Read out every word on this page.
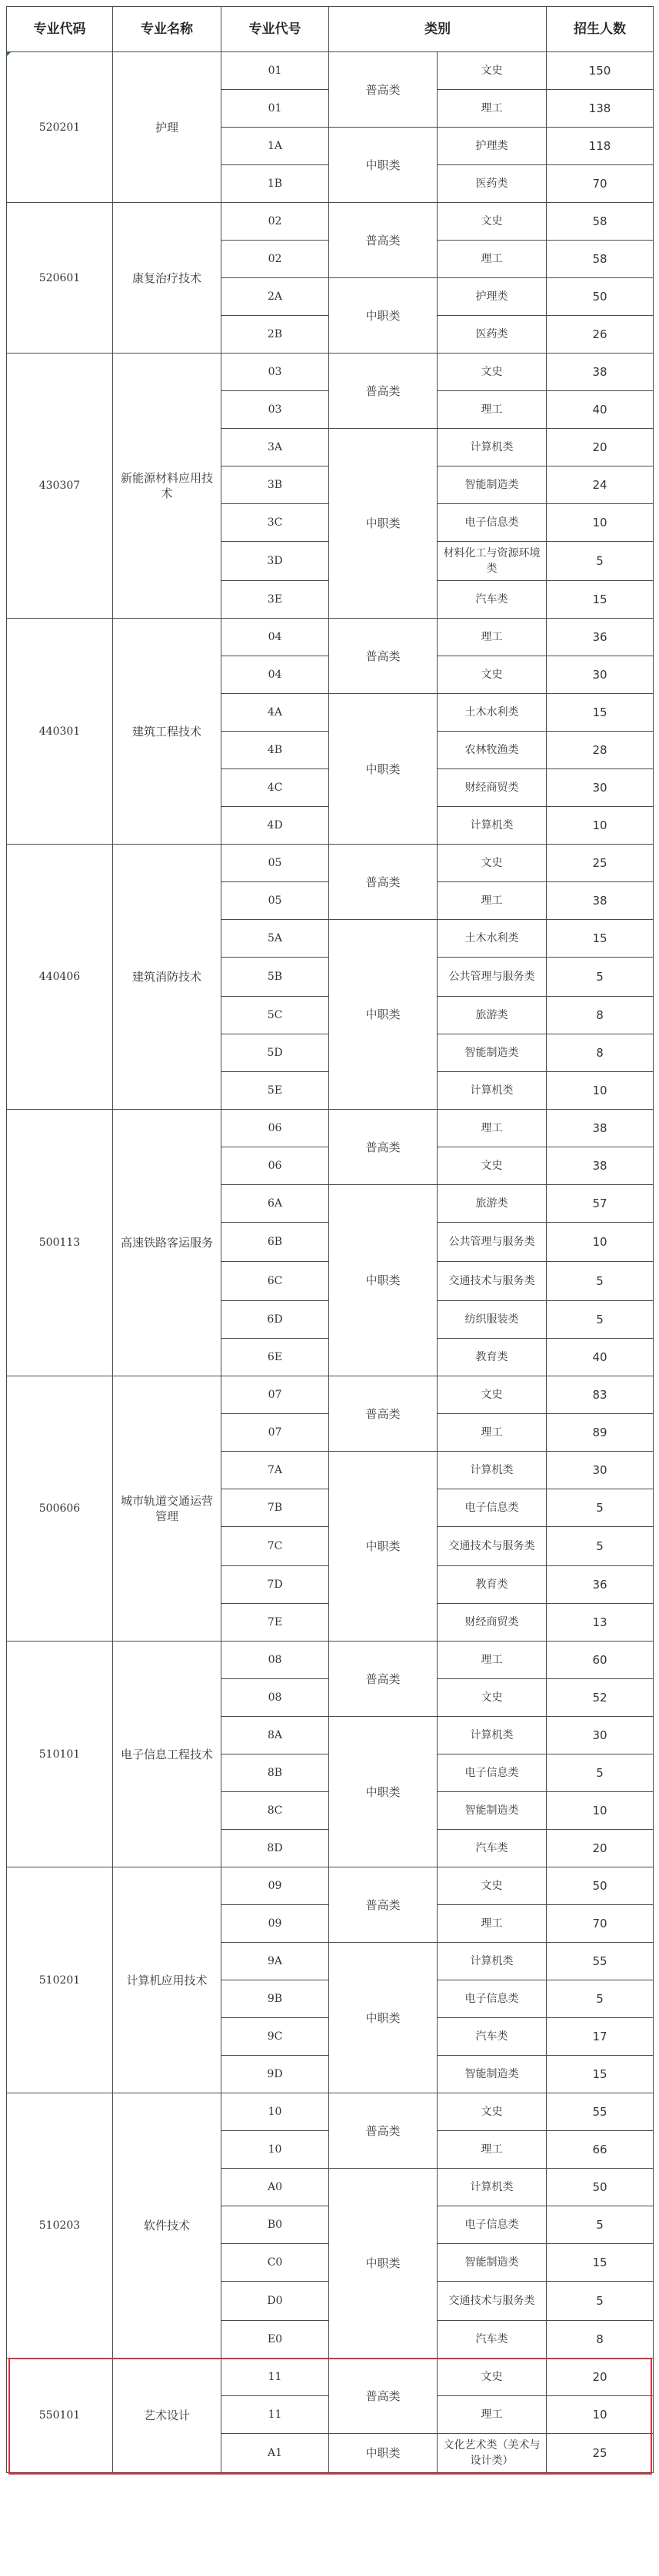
专业代码	专业名称	专业代号	类别		招生人数
520201	护理	01	普高类	文史	150
		01		理工	138
		1A	中职类	护理类	118
		1B		医药类	70
520601	康复治疗技术	02	普高类	文史	58
		02		理工	58
		2A	中职类	护理类	50
		2B		医药类	26
430307	新能源材料应用技术	03	普高类	文史	38
		03		理工	40
		3A	中职类	计算机类	20
		3B		智能制造类	24
		3C		电子信息类	10
		3D		材料化工与资源环境类	5
		3E		汽车类	15
440301	建筑工程技术	04	普高类	理工	36
		04		文史	30
		4A	中职类	土木水利类	15
		4B		农林牧渔类	28
		4C		财经商贸类	30
		4D		计算机类	10
440406	建筑消防技术	05	普高类	文史	25
		05		理工	38
		5A	中职类	土木水利类	15
		5B		公共管理与服务类	5
		5C		旅游类	8
		5D		智能制造类	8
		5E		计算机类	10
500113	高速铁路客运服务	06	普高类	理工	38
		06		文史	38
		6A	中职类	旅游类	57
		6B		公共管理与服务类	10
		6C		交通技术与服务类	5
		6D		纺织服装类	5
		6E		教育类	40
500606	城市轨道交通运营管理	07	普高类	文史	83
		07		理工	89
		7A	中职类	计算机类	30
		7B		电子信息类	5
		7C		交通技术与服务类	5
		7D		教育类	36
		7E		财经商贸类	13
510101	电子信息工程技术	08	普高类	理工	60
		08		文史	52
		8A	中职类	计算机类	30
		8B		电子信息类	5
		8C		智能制造类	10
		8D		汽车类	20
510201	计算机应用技术	09	普高类	文史	50
		09		理工	70
		9A	中职类	计算机类	55
		9B		电子信息类	5
		9C		汽车类	17
		9D		智能制造类	15
510203	软件技术	10	普高类	文史	55
		10		理工	66
		A0	中职类	计算机类	50
		B0		电子信息类	5
		C0		智能制造类	15
		D0		交通技术与服务类	5
		E0		汽车类	8
550101	艺术设计	11	普高类	文史	20
		11		理工	10
		A1	中职类	文化艺术类（美术与设计类）	25
